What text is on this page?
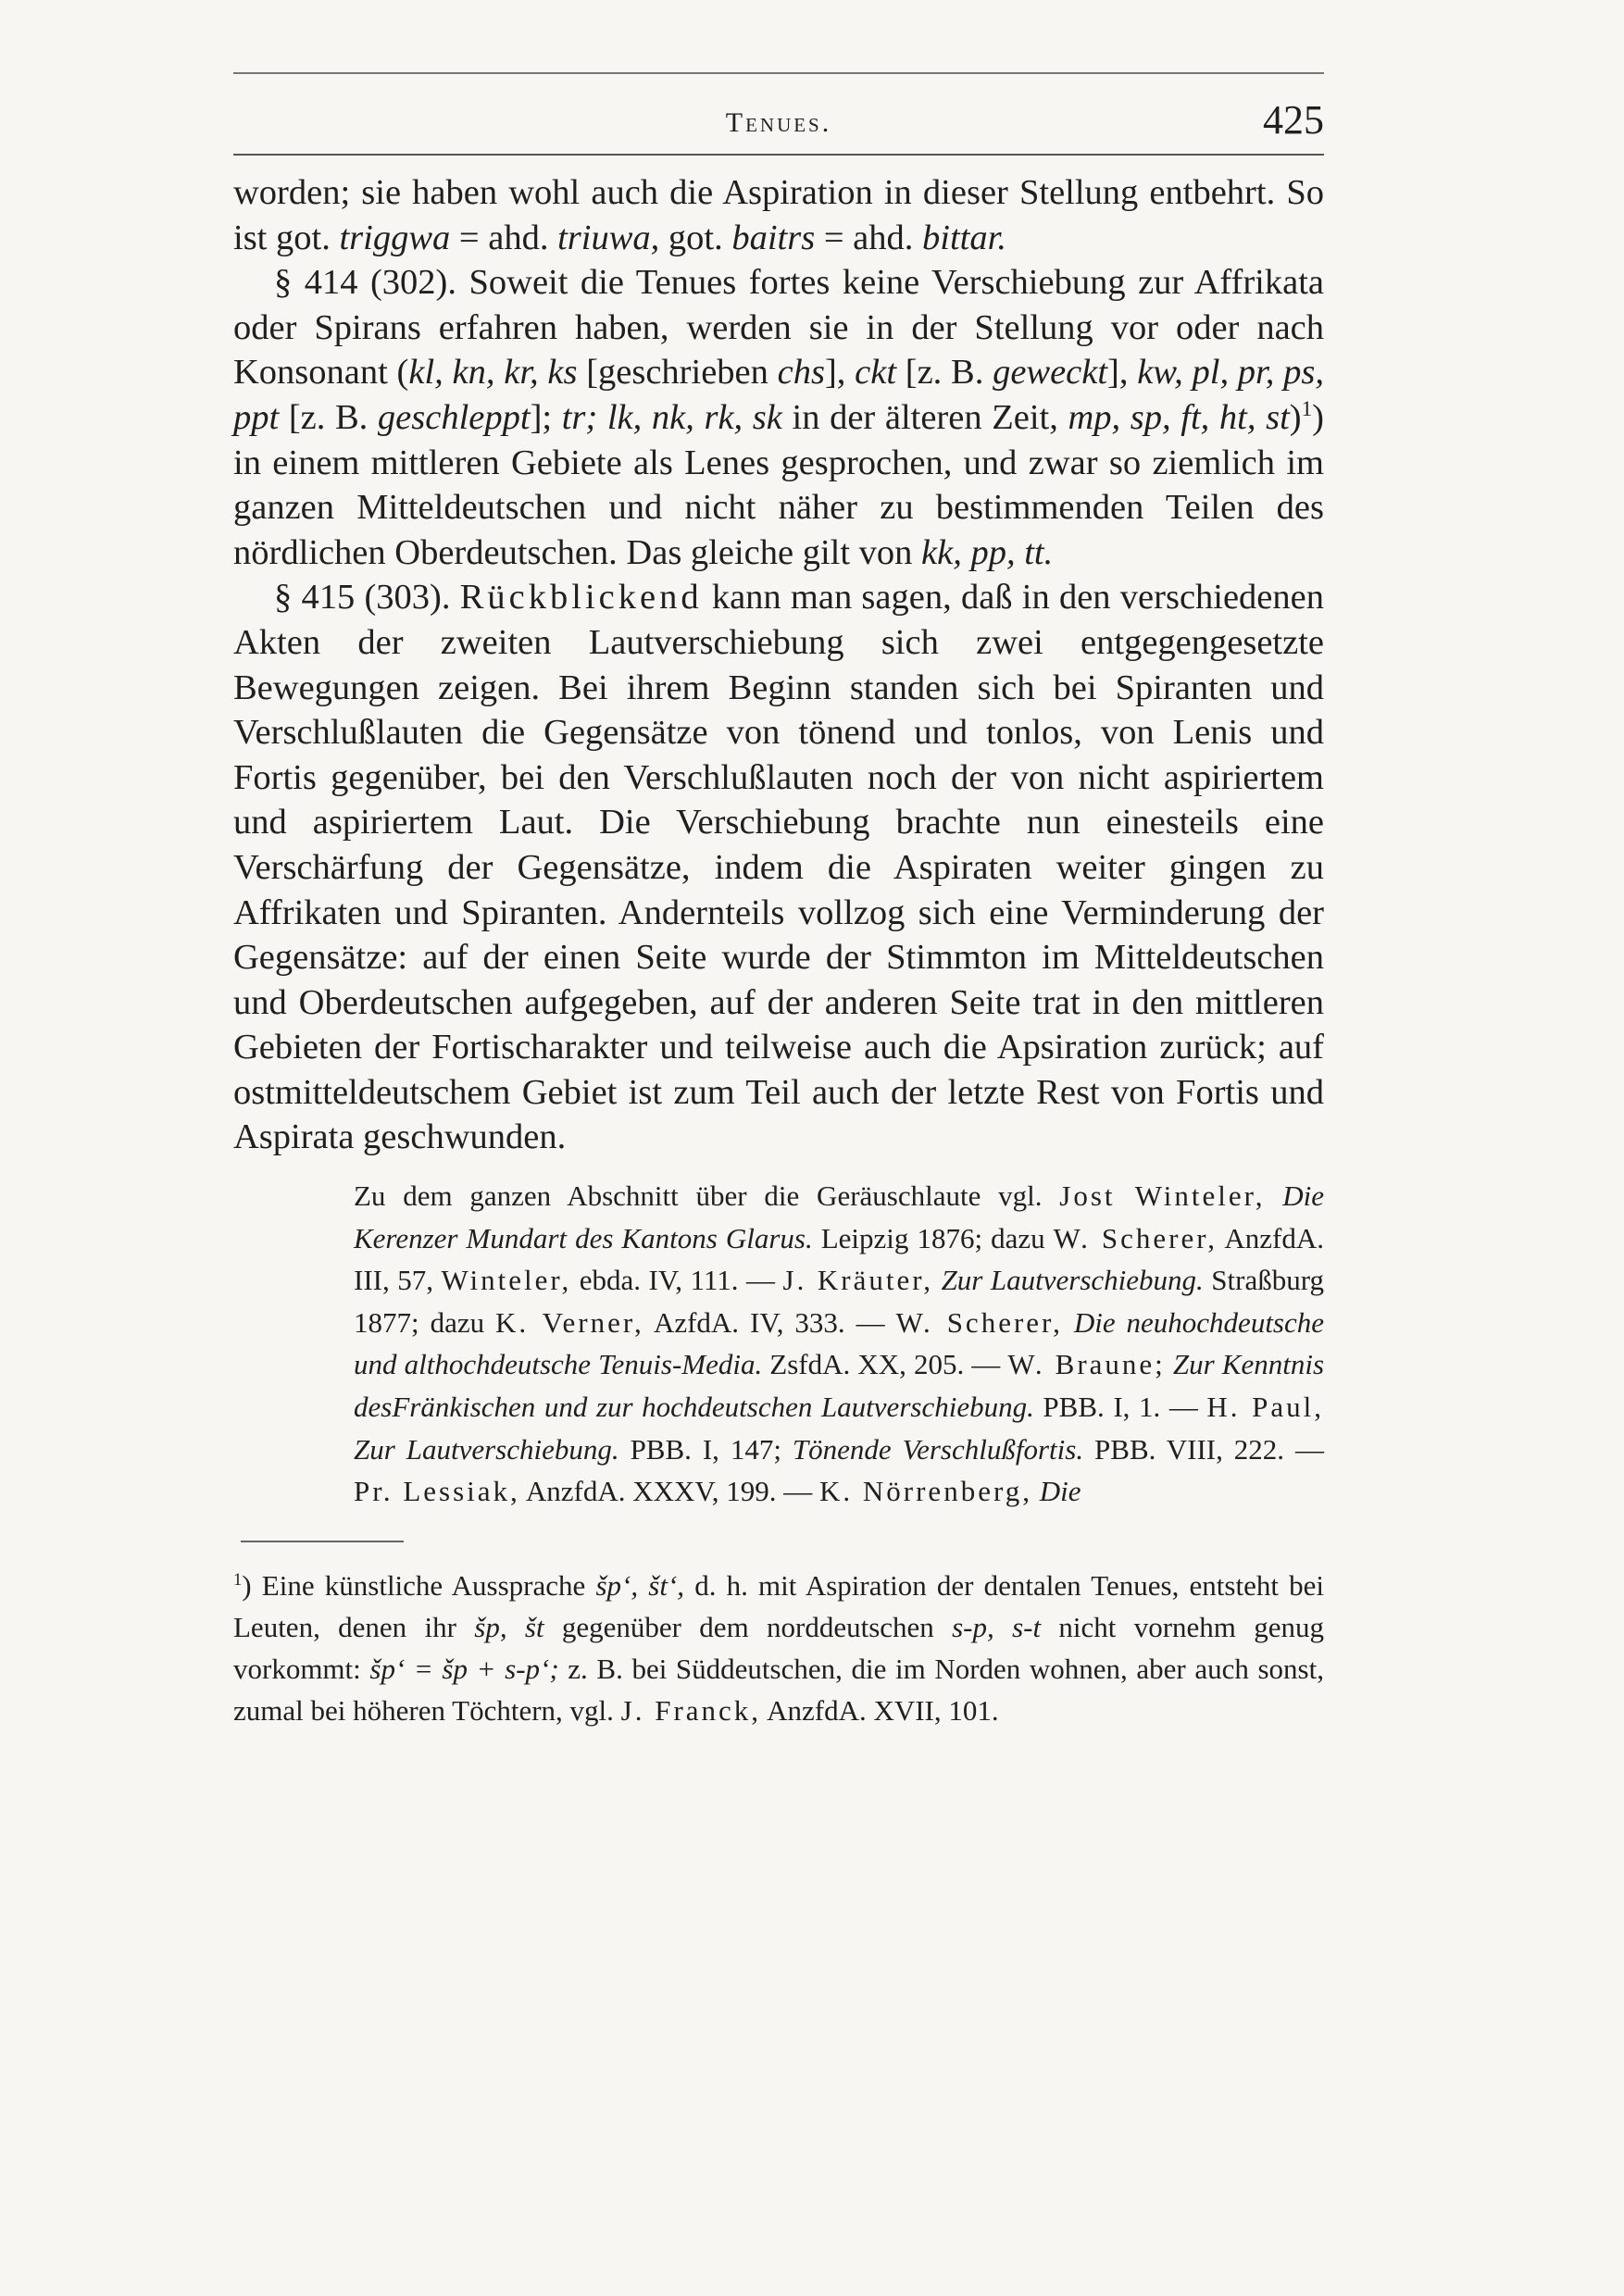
Tenues.	425

worden; sie haben wohl auch die Aspiration in dieser Stellung entbehrt. So ist got. triggwa = ahd. triuwa, got. baitrs = ahd. bittar.

§ 414 (302). Soweit die Tenues fortes keine Verschiebung zur Affrikata oder Spirans erfahren haben, werden sie in der Stellung vor oder nach Konsonant (kl, kn, kr, ks [geschrieben chs], ckt [z. B. geweckt], kw, pl, pr, ps, ppt [z. B. geschleppt]; tr; lk, nk, rk, sk in der älteren Zeit, mp, sp, ft, ht, st)$^1$) in einem mittleren Gebiete als Lenes gesprochen, und zwar so ziemlich im ganzen Mitteldeutschen und nicht näher zu bestimmenden Teilen des nördlichen Oberdeutschen. Das gleiche gilt von kk, pp, tt.

§ 415 (303). Rückblickend kann man sagen, daß in den verschiedenen Akten der zweiten Lautverschiebung sich zwei entgegengesetzte Bewegungen zeigen. Bei ihrem Beginn standen sich bei Spiranten und Verschlußlauten die Gegensätze von tönend und tonlos, von Lenis und Fortis gegenüber, bei den Verschlußlauten noch der von nicht aspiriertem und aspiriertem Laut. Die Verschiebung brachte nun einesteils eine Verschärfung der Gegensätze, indem die Aspiraten weiter gingen zu Affrikaten und Spiranten. Andernteils vollzog sich eine Verminderung der Gegensätze: auf der einen Seite wurde der Stimmton im Mitteldeutschen und Oberdeutschen aufgegeben, auf der anderen Seite trat in den mittleren Gebieten der Fortischarakter und teilweise auch die Apsiration zurück; auf ostmitteldeutschem Gebiet ist zum Teil auch der letzte Rest von Fortis und Aspirata geschwunden.

Zu dem ganzen Abschnitt über die Geräuschlaute vgl. Jost Winteler, Die Kerenzer Mundart des Kantons Glarus. Leipzig 1876; dazu W. Scherer, AnzfdA. III, 57, Winteler, ebda. IV, 111. — J. Kräuter, Zur Lautverschiebung. Straßburg 1877; dazu K. Verner, AzfdA. IV, 333. — W. Scherer, Die neuhochdeutsche und althochdeutsche Tenuis-Media. ZsfdA. XX, 205. — W. Braune; Zur Kenntnis desFränkischen und zur hochdeutschen Lautverschiebung. PBB. I, 1. — H. Paul, Zur Lautverschiebung. PBB. I, 147; Tönende Verschlußfortis. PBB. VIII, 222. — Pr. Lessiak, AnzfdA. XXXV, 199. — K. Nörrenberg, Die

$^1$) Eine künstliche Aussprache šp‘, št‘, d. h. mit Aspiration der dentalen Tenues, entsteht bei Leuten, denen ihr šp, št gegenüber dem norddeutschen s-p, s-t nicht vornehm genug vorkommt: šp‘ = šp + s-p‘; z. B. bei Süddeutschen, die im Norden wohnen, aber auch sonst, zumal bei höheren Töchtern, vgl. J. Franck, AnzfdA. XVII, 101.
